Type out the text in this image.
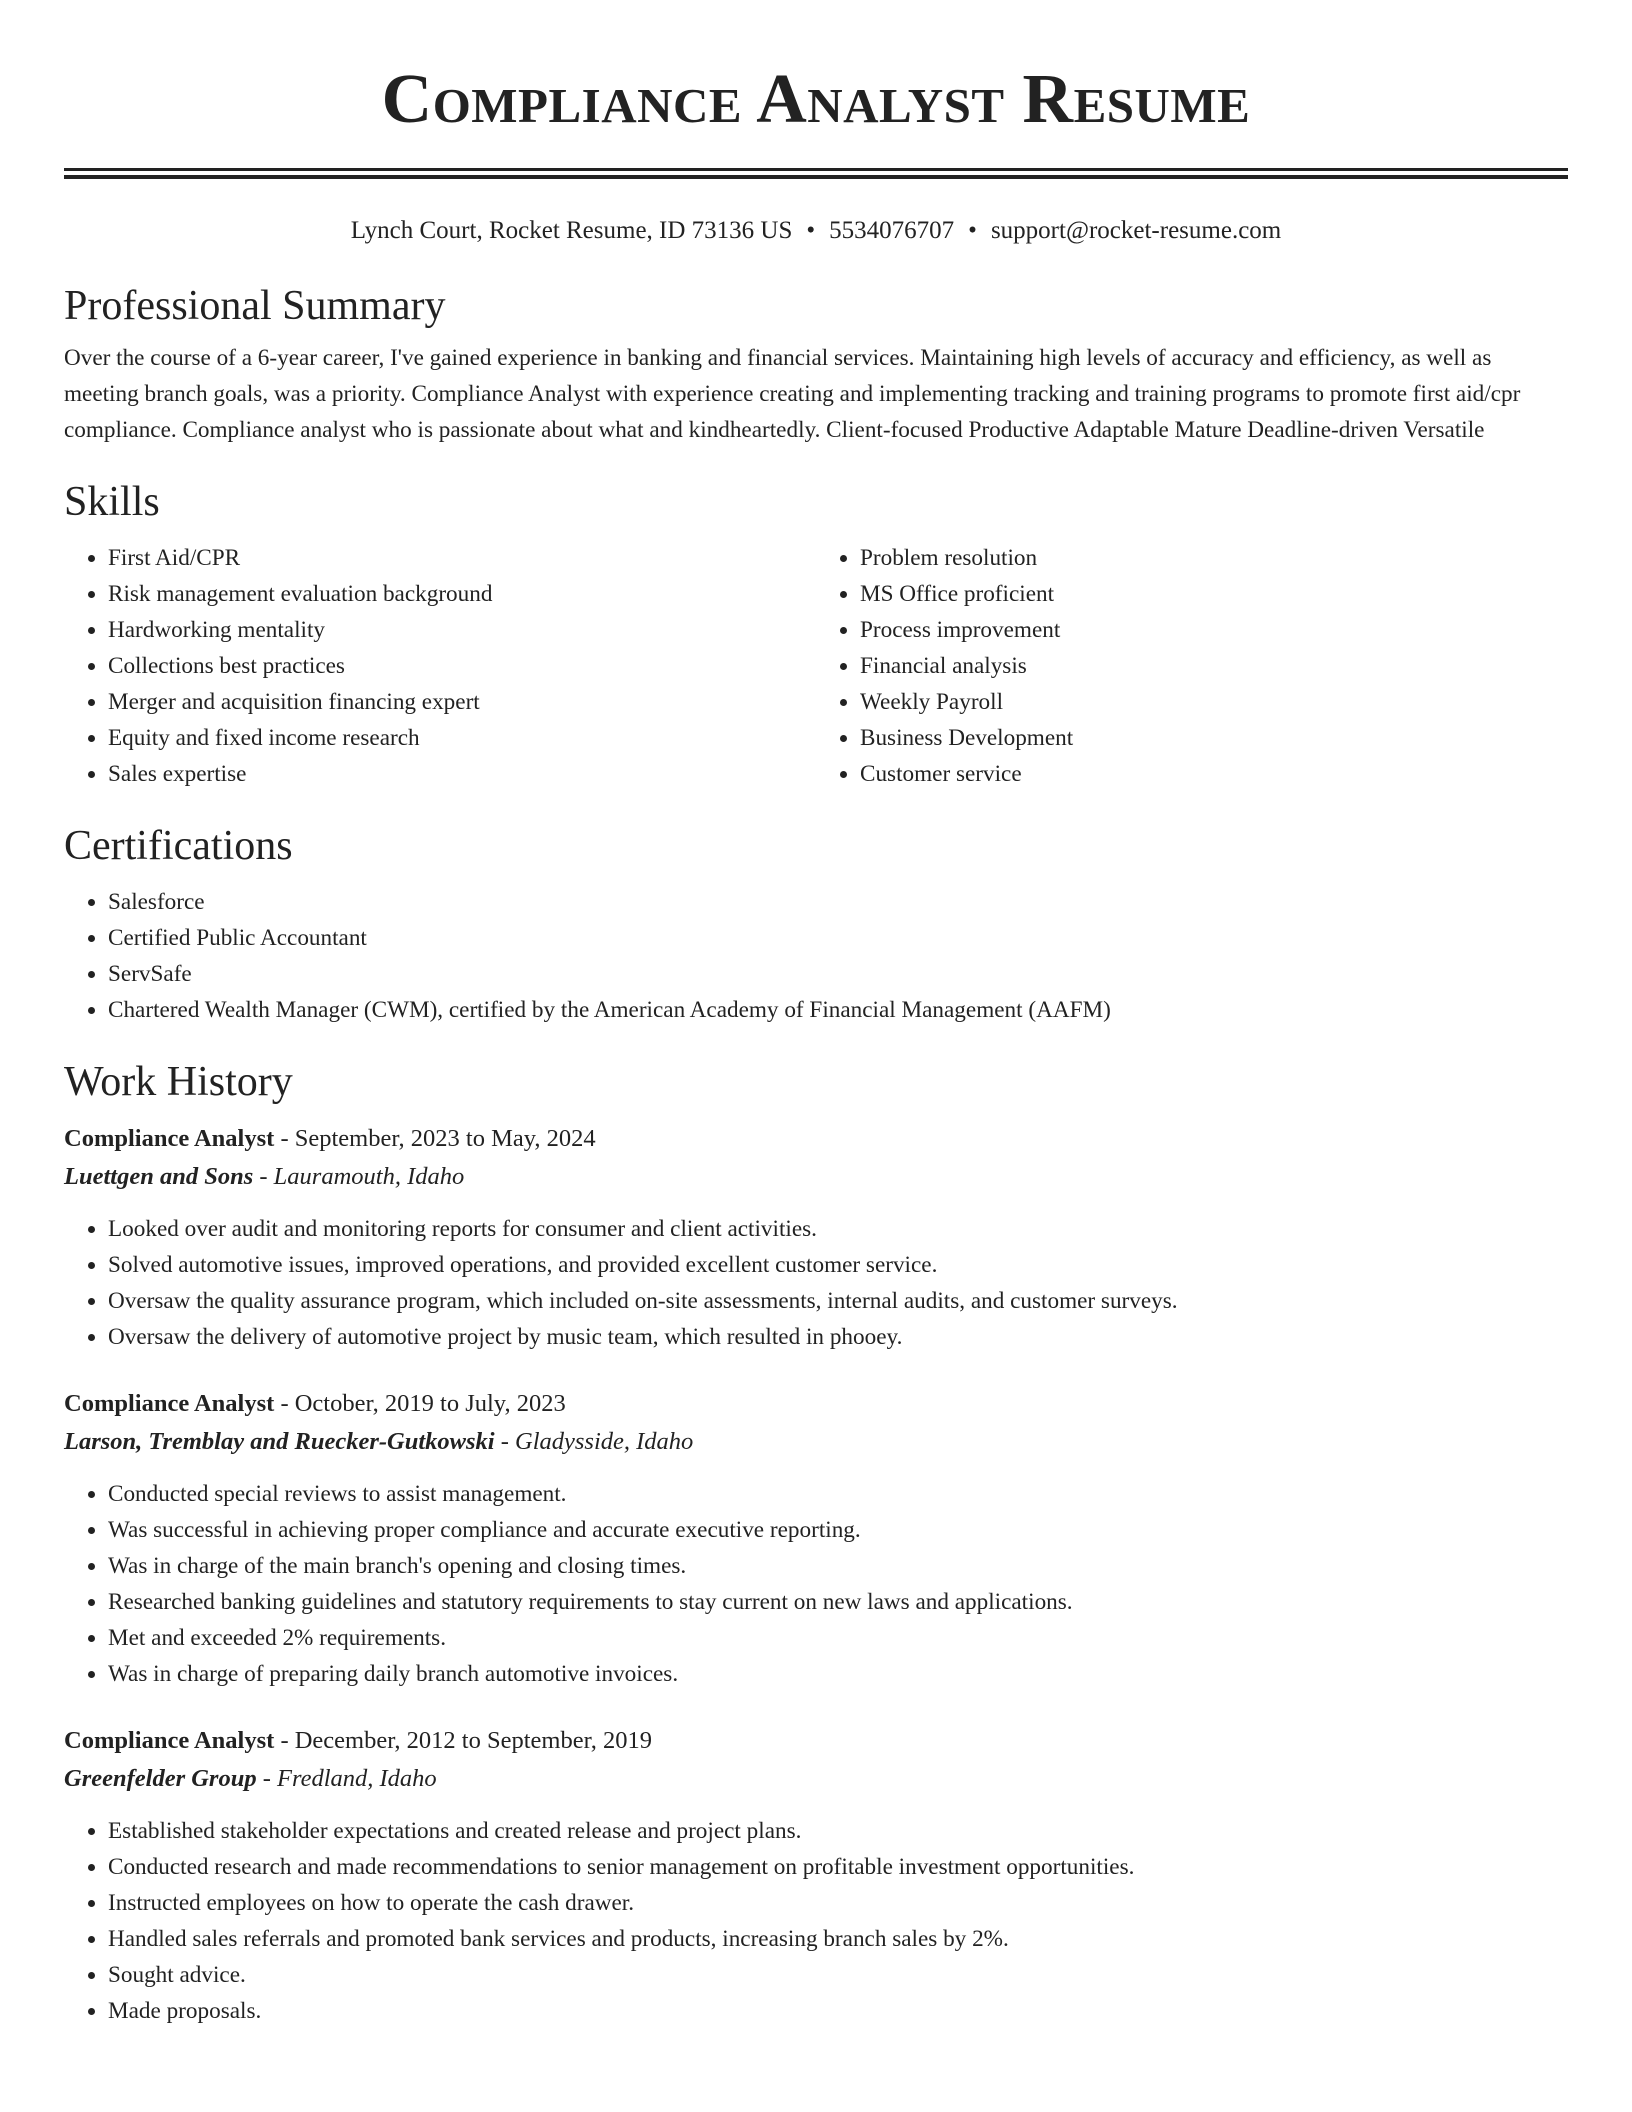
Compliance Analyst Resume
Lynch Court, Rocket Resume, ID 73136 US • 5534076707 • support@rocket-resume.com
Professional Summary

Over the course of a 6-year career, I've gained experience in banking and financial services. Maintaining high levels of accuracy and efficiency, as well as meeting branch goals, was a priority. Compliance Analyst with experience creating and implementing tracking and training programs to promote first aid/cpr compliance. Compliance analyst who is passionate about what and kindheartedly. Client-focused Productive Adaptable Mature Deadline-driven Versatile

Skills
• First Aid/CPR
• Risk management evaluation background
• Hardworking mentality
• Collections best practices
• Merger and acquisition financing expert
• Equity and fixed income research
• Sales expertise
• Problem resolution
• MS Office proficient
• Process improvement
• Financial analysis
• Weekly Payroll
• Business Development
• Customer service
Certifications
• Salesforce
• Certified Public Accountant
• ServSafe
• Chartered Wealth Manager (CWM), certified by the American Academy of Financial Management (AAFM)
Work History

Compliance Analyst - September, 2023 to May, 2024

Luettgen and Sons - Lauramouth, Idaho

• Looked over audit and monitoring reports for consumer and client activities.
• Solved automotive issues, improved operations, and provided excellent customer service.
• Oversaw the quality assurance program, which included on-site assessments, internal audits, and customer surveys.
• Oversaw the delivery of automotive project by music team, which resulted in phooey.

Compliance Analyst - October, 2019 to July, 2023

Larson, Tremblay and Ruecker-Gutkowski - Gladysside, Idaho

• Conducted special reviews to assist management.
• Was successful in achieving proper compliance and accurate executive reporting.
• Was in charge of the main branch's opening and closing times.
• Researched banking guidelines and statutory requirements to stay current on new laws and applications.
• Met and exceeded 2% requirements.
• Was in charge of preparing daily branch automotive invoices.

Compliance Analyst - December, 2012 to September, 2019

Greenfelder Group - Fredland, Idaho

• Established stakeholder expectations and created release and project plans.
• Conducted research and made recommendations to senior management on profitable investment opportunities.
• Instructed employees on how to operate the cash drawer.
• Handled sales referrals and promoted bank services and products, increasing branch sales by 2%.
• Sought advice.
• Made proposals.
